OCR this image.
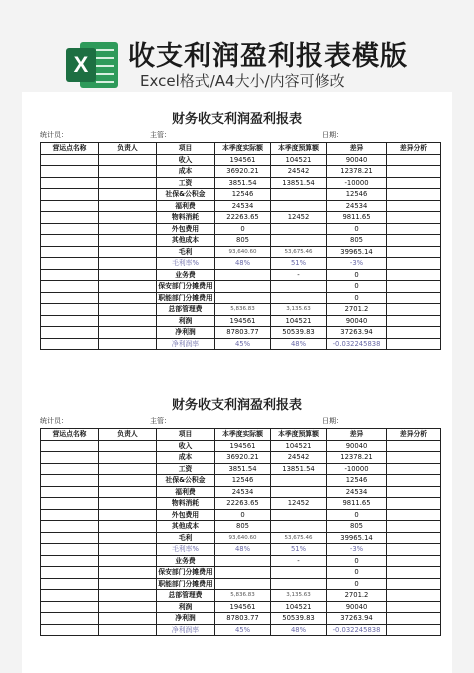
X 收支利润盈利报表模版
Excel格式/A4大小/内容可修改
财务收支利润盈利报表
统计员：	主管：	日期：
营运点名称	负责人	项目	本季度实际额	本季度预算额	差异	差异分析
		收入	194561	104521	90040	
		成本	36920.21	24542	12378.21	
		工资	3851.54	13851.54	-10000	
		社保&公积金	12546		12546	
		福利费	24534		24534	
		物料消耗	22263.65	12452	9811.65	
		外包费用	0		0	
		其他成本	805		805	
		毛利	93,640.60	53,675.46	39965.14	
		毛利率%	48%	51%	-3%	
		业务费		-	0	
		保安部门分摊费用			0	
		职能部门分摊费用			0	
		总部管理费	5,836.83	3,135.63	2701.2	
		利润	194561	104521	90040	
		净利润	87803.77	50539.83	37263.94	
		净利润率	45%	48%	-0.032245838	
财务收支利润盈利报表
统计员：	主管：	日期：
营运点名称	负责人	项目	本季度实际额	本季度预算额	差异	差异分析
		收入	194561	104521	90040	
		成本	36920.21	24542	12378.21	
		工资	3851.54	13851.54	-10000	
		社保&公积金	12546		12546	
		福利费	24534		24534	
		物料消耗	22263.65	12452	9811.65	
		外包费用	0		0	
		其他成本	805		805	
		毛利	93,640.60	53,675.46	39965.14	
		毛利率%	48%	51%	-3%	
		业务费		-	0	
		保安部门分摊费用			0	
		职能部门分摊费用			0	
		总部管理费	5,836.83	3,135.63	2701.2	
		利润	194561	104521	90040	
		净利润	87803.77	50539.83	37263.94	
		净利润率	45%	48%	-0.032245838	
